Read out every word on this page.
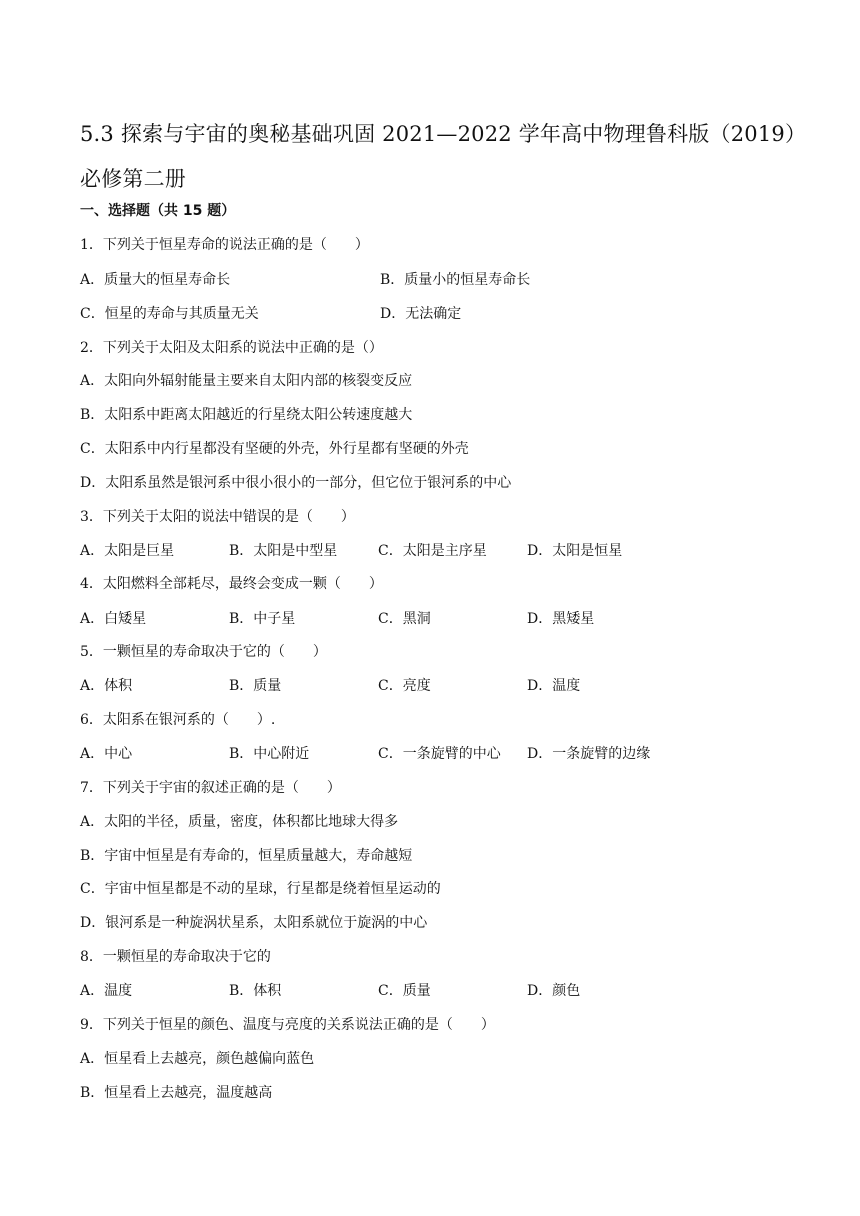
5.3 探索与宇宙的奥秘基础巩固 2021—2022 学年高中物理鲁科版（2019）必修第二册
一、选择题（共 15 题）
1．下列关于恒星寿命的说法正确的是（　　）
A．质量大的恒星寿命长	B．质量小的恒星寿命长
C．恒星的寿命与其质量无关	D．无法确定
2．下列关于太阳及太阳系的说法中正确的是（）
A．太阳向外辐射能量主要来自太阳内部的核裂变反应
B．太阳系中距离太阳越近的行星绕太阳公转速度越大
C．太阳系中内行星都没有坚硬的外壳，外行星都有坚硬的外壳
D．太阳系虽然是银河系中很小很小的一部分，但它位于银河系的中心
3．下列关于太阳的说法中错误的是（　　）
A．太阳是巨星	B．太阳是中型星	C．太阳是主序星	D．太阳是恒星
4．太阳燃料全部耗尽，最终会变成一颗（　　）
A．白矮星	B．中子星	C．黑洞	D．黑矮星
5．一颗恒星的寿命取决于它的（　　）
A．体积	B．质量	C．亮度	D．温度
6．太阳系在银河系的（　　）.
A．中心	B．中心附近	C．一条旋臂的中心 D．一条旋臂的边缘
7．下列关于宇宙的叙述正确的是（　　）
A．太阳的半径，质量，密度，体积都比地球大得多
B．宇宙中恒星是有寿命的，恒星质量越大，寿命越短
C．宇宙中恒星都是不动的星球，行星都是绕着恒星运动的
D．银河系是一种旋涡状星系，太阳系就位于旋涡的中心
8．一颗恒星的寿命取决于它的
A．温度	B．体积	C．质量	D．颜色
9．下列关于恒星的颜色、温度与亮度的关系说法正确的是（　　）
A．恒星看上去越亮，颜色越偏向蓝色
B．恒星看上去越亮，温度越高
